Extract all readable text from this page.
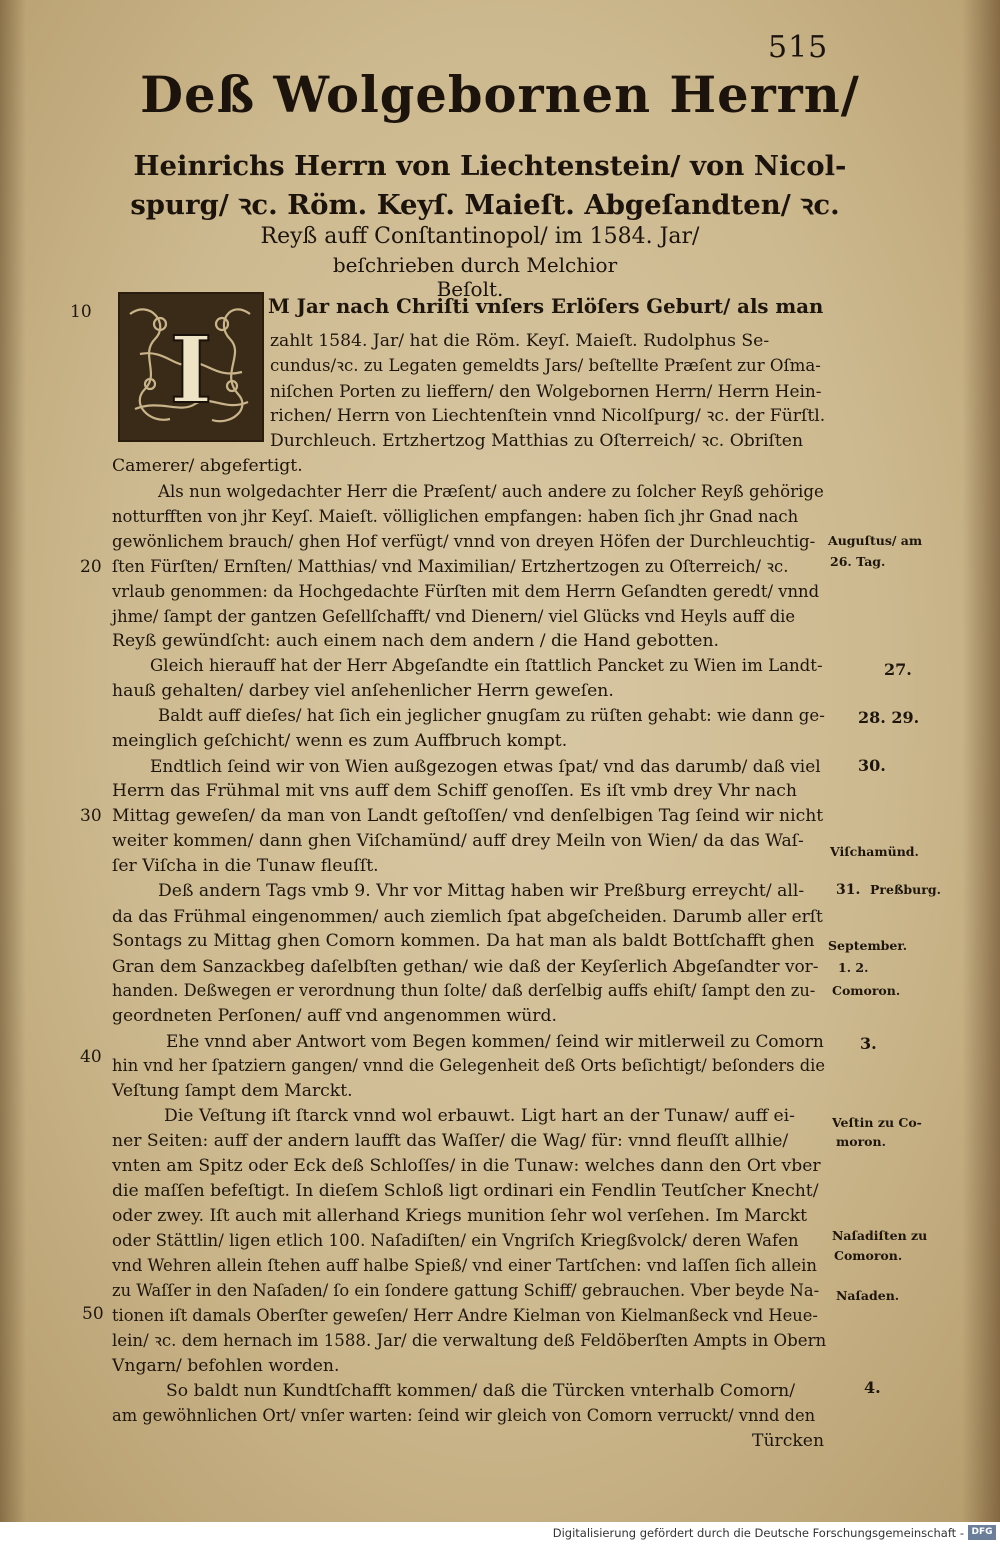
515
Deß Wolgebornen Herrn/
Heinrichs Herrn von Liechtenstein/ von Nicol-
spurg/ ꝛc. Röm. Keyſ. Maieſt. Abgeſandten/ ꝛc.
Reyß auff Conſtantinopol/ im 1584. Jar/
beſchrieben durch Melchior
Beſolt.
I
M Jar nach Chriſti vnſers Erlöſers Geburt/ als man
zahlt 1584. Jar/ hat die Röm. Keyſ. Maieſt. Rudolphus Se-
cundus/ꝛc. zu Legaten gemeldts Jars/ beſtellte Præſent zur Oſma-
niſchen Porten zu lieffern/ den Wolgebornen Herrn/ Herrn Hein-
richen/ Herrn von Liechtenſtein vnnd Nicolſpurg/ ꝛc. der Fürſtl.
Durchleuch. Ertzhertzog Matthias zu Oſterreich/ ꝛc. Obriſten
Camerer/ abgefertigt.
Als nun wolgedachter Herr die Præſent/ auch andere zu ſolcher Reyß gehörige
notturfften von jhr Keyſ. Maieſt. völliglichen empfangen: haben ſich jhr Gnad nach
gewönlichem brauch/ ghen Hof verfügt/ vnnd von dreyen Höfen der Durchleuchtig-
ſten Fürſten/ Ernſten/ Matthias/ vnd Maximilian/ Ertzhertzogen zu Oſterreich/ ꝛc.
vrlaub genommen: da Hochgedachte Fürſten mit dem Herrn Geſandten geredt/ vnnd
jhme/ ſampt der gantzen Geſellſchafft/ vnd Dienern/ viel Glücks vnd Heyls auff die
Reyß gewündſcht: auch einem nach dem andern / die Hand gebotten.
Gleich hierauff hat der Herr Abgeſandte ein ſtattlich Pancket zu Wien im Landt-
hauß gehalten/ darbey viel anſehenlicher Herrn geweſen.
Baldt auff dieſes/ hat ſich ein jeglicher gnugſam zu rüſten gehabt: wie dann ge-
meinglich geſchicht/ wenn es zum Auffbruch kompt.
Endtlich ſeind wir von Wien außgezogen etwas ſpat/ vnd das darumb/ daß viel
Herrn das Frühmal mit vns auff dem Schiff genoſſen. Es iſt vmb drey Vhr nach
Mittag geweſen/ da man von Landt geſtoſſen/ vnd denſelbigen Tag ſeind wir nicht
weiter kommen/ dann ghen Viſchamünd/ auff drey Meiln von Wien/ da das Waſ-
ſer Viſcha in die Tunaw fleuſſt.
Deß andern Tags vmb 9. Vhr vor Mittag haben wir Preßburg erreycht/ all-
da das Frühmal eingenommen/ auch ziemlich ſpat abgeſcheiden. Darumb aller erſt
Sontags zu Mittag ghen Comorn kommen. Da hat man als baldt Bottſchafft ghen
Gran dem Sanzackbeg daſelbſten gethan/ wie daß der Keyſerlich Abgeſandter vor-
handen. Deßwegen er verordnung thun ſolte/ daß derſelbig auffs ehiſt/ ſampt den zu-
geordneten Perſonen/ auff vnd angenommen würd.
Ehe vnnd aber Antwort vom Begen kommen/ ſeind wir mitlerweil zu Comorn
hin vnd her ſpatziern gangen/ vnnd die Gelegenheit deß Orts beſichtigt/ beſonders die
Veſtung ſampt dem Marckt.
Die Veſtung iſt ſtarck vnnd wol erbauwt. Ligt hart an der Tunaw/ auff ei-
ner Seiten: auff der andern laufft das Waſſer/ die Wag/ für: vnnd fleuſſt allhie/
vnten am Spitz oder Eck deß Schloſſes/ in die Tunaw: welches dann den Ort vber
die maſſen befeſtigt. In dieſem Schloß ligt ordinari ein Fendlin Teutſcher Knecht/
oder zwey. Iſt auch mit allerhand Kriegs munition ſehr wol verſehen. Im Marckt
oder Stättlin/ ligen etlich 100. Naſadiſten/ ein Vngriſch Kriegßvolck/ deren Wafen
vnd Wehren allein ſtehen auff halbe Spieß/ vnd einer Tartſchen: vnd laſſen ſich allein
zu Waſſer in den Naſaden/ ſo ein ſondere gattung Schiff/ gebrauchen. Vber beyde Na-
tionen iſt damals Oberſter geweſen/ Herr Andre Kielman von Kielmanßeck vnd Heue-
lein/ ꝛc. dem hernach im 1588. Jar/ die verwaltung deß Feldöberſten Ampts in Obern
Vngarn/ befohlen worden.
So baldt nun Kundtſchafft kommen/ daß die Türcken vnterhalb Comorn/
am gewöhnlichen Ort/ vnſer warten: ſeind wir gleich von Comorn verruckt/ vnnd den
Türcken
10
20
30
40
50
Auguſtus/ am
26. Tag.
27.
28. 29.
30.
Viſchamünd.
31. Preßburg.
September.
1. 2.
Comoron.
3.
Veſtin zu Co-
moron.
Naſadiſten zu
Comoron.
Naſaden.
4.
Digitalisierung gefördert durch die Deutsche Forschungsgemeinschaft - DFG
